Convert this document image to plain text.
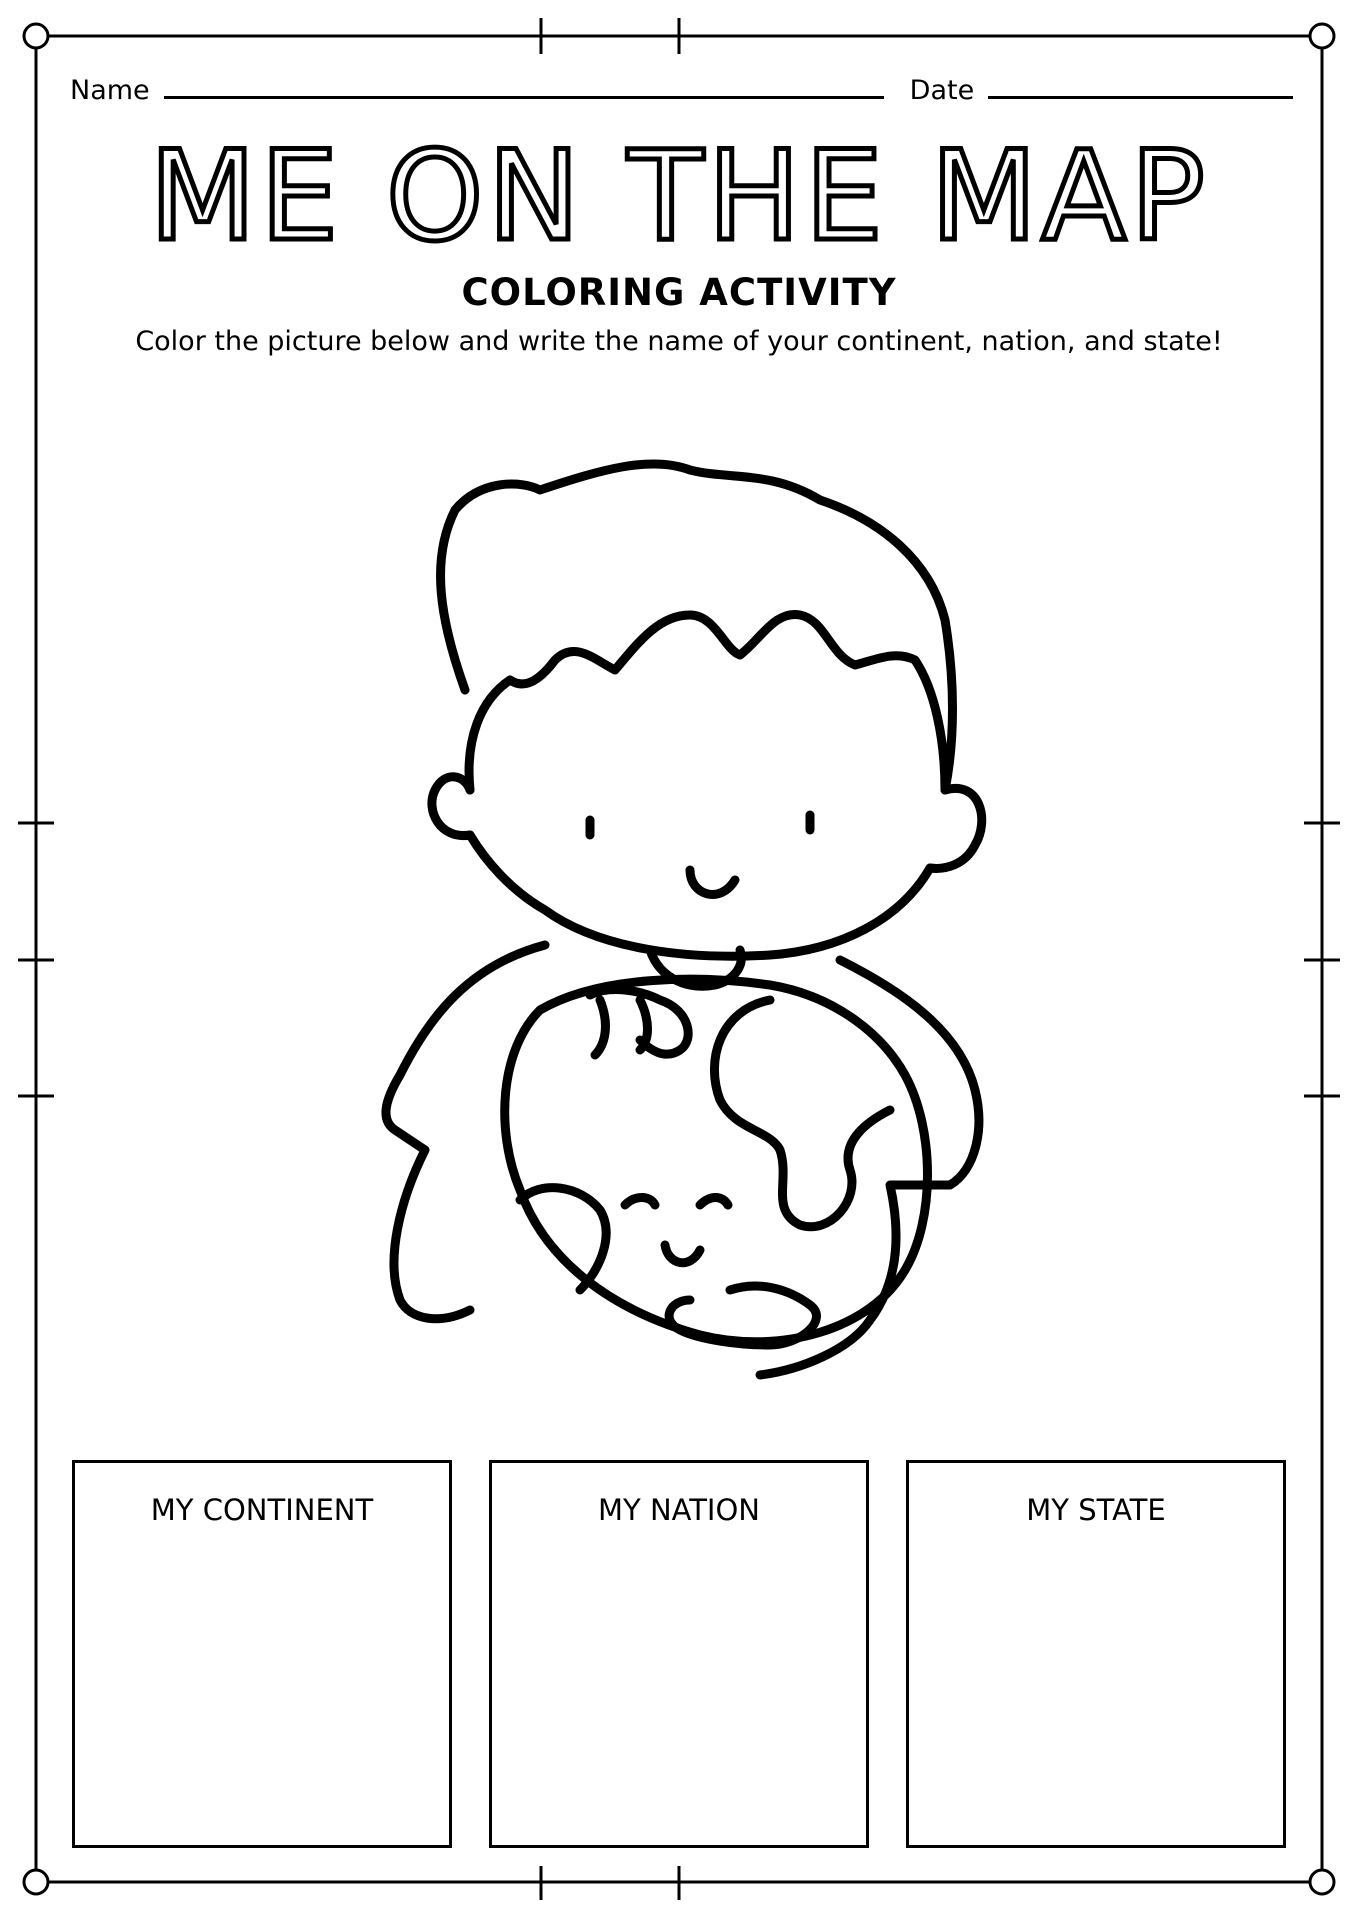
Name	Date
ME ON THE MAP
COLORING ACTIVITY
Color the picture below and write the name of your continent, nation, and state!
MY CONTINENT	MY NATION	MY STATE
